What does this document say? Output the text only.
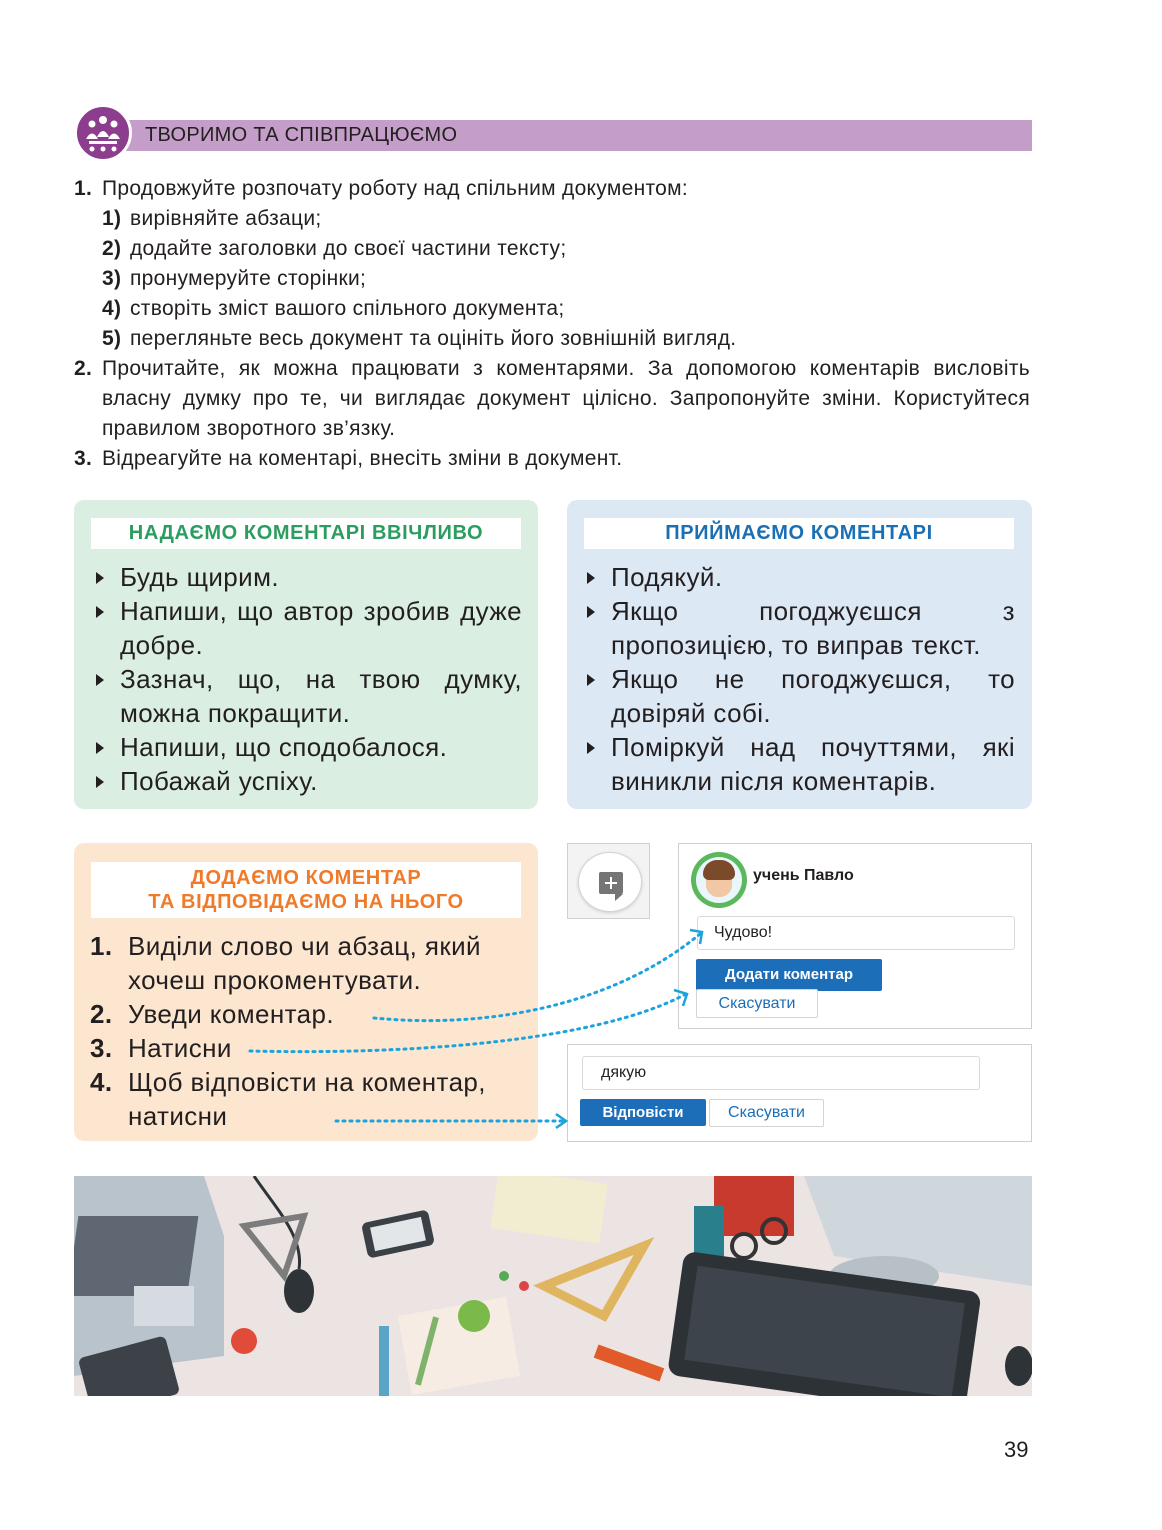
ТВОРИМО ТА СПІВПРАЦЮЄМО
1. Продовжуйте розпочату роботу над спільним документом:
1) вирівняйте абзаци;
2) додайте заголовки до своєї частини тексту;
3) пронумеруйте сторінки;
4) створіть зміст вашого спільного документа;
5) перегляньте весь документ та оцініть його зовнішній вигляд.
2. Прочитайте, як можна працювати з коментарями. За допомогою коментарів висловіть власну думку про те, чи виглядає документ цілісно. Запропонуйте зміни. Користуйтеся правилом зворотного зв’язку.
3. Відреагуйте на коментарі, внесіть зміни в документ.
НАДАЄМО КОМЕНТАРІ ВВІЧЛИВО
Будь щирим.
Напиши, що автор зробив дуже добре.
Зазнач, що, на твою думку, можна покращити.
Напиши, що сподобалося.
Побажай успіху.
ПРИЙМАЄМО КОМЕНТАРІ
Подякуй.
Якщо погоджуєшся з пропозицією, то виправ текст.
Якщо не погоджуєшся, то довіряй собі.
Поміркуй над почуттями, які виникли після коментарів.
ДОДАЄМО КОМЕНТАР
ТА ВІДПОВІДАЄМО НА НЬОГО
1. Виділи слово чи абзац, який хочеш прокоментувати.
2. Уведи коментар.
3. Натисни
4. Щоб відповісти на коментар, натисни
учень Павло
Чудово!
Додати коментар
Скасувати
дякую
Відповісти	Скасувати
39
